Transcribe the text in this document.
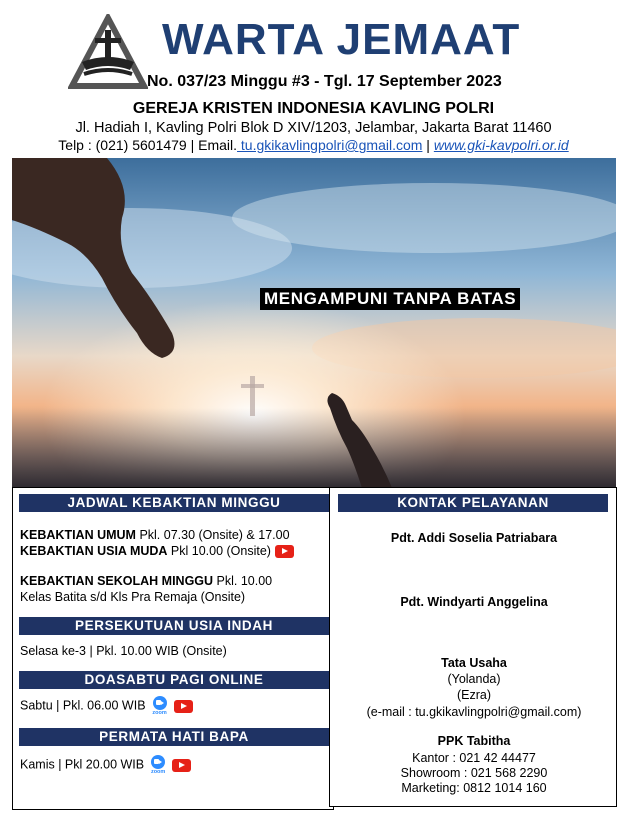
WARTA JEMAAT
No. 037/23 Minggu #3 - Tgl. 17 September 2023
GEREJA KRISTEN INDONESIA KAVLING POLRI
Jl. Hadiah I, Kavling Polri Blok D XIV/1203, Jelambar, Jakarta Barat 11460
Telp : (021) 5601479 | Email. tu.gkikavlingpolri@gmail.com | www.gki-kavpolri.or.id
MENGAMPUNI TANPA BATAS
JADWAL KEBAKTIAN MINGGU
KEBAKTIAN UMUM Pkl. 07.30 (Onsite) & 17.00
KEBAKTIAN USIA MUDA Pkl 10.00 (Onsite)
KEBAKTIAN SEKOLAH MINGGU Pkl. 10.00
Kelas Batita s/d Kls Pra Remaja (Onsite)
PERSEKUTUAN USIA INDAH
Selasa ke-3 | Pkl. 10.00 WIB (Onsite)
DOASABTU PAGI ONLINE
Sabtu | Pkl. 06.00 WIB
zoom
PERMATA HATI BAPA
Kamis | Pkl 20.00 WIB
zoom
KONTAK PELAYANAN
Pdt. Addi Soselia Patriabara
Pdt. Windyarti Anggelina
Tata Usaha
(Yolanda)
(Ezra)
(e-mail : tu.gkikavlingpolri@gmail.com)
PPK Tabitha
Kantor : 021 42 44477
Showroom : 021 568 2290
Marketing: 0812 1014 160
